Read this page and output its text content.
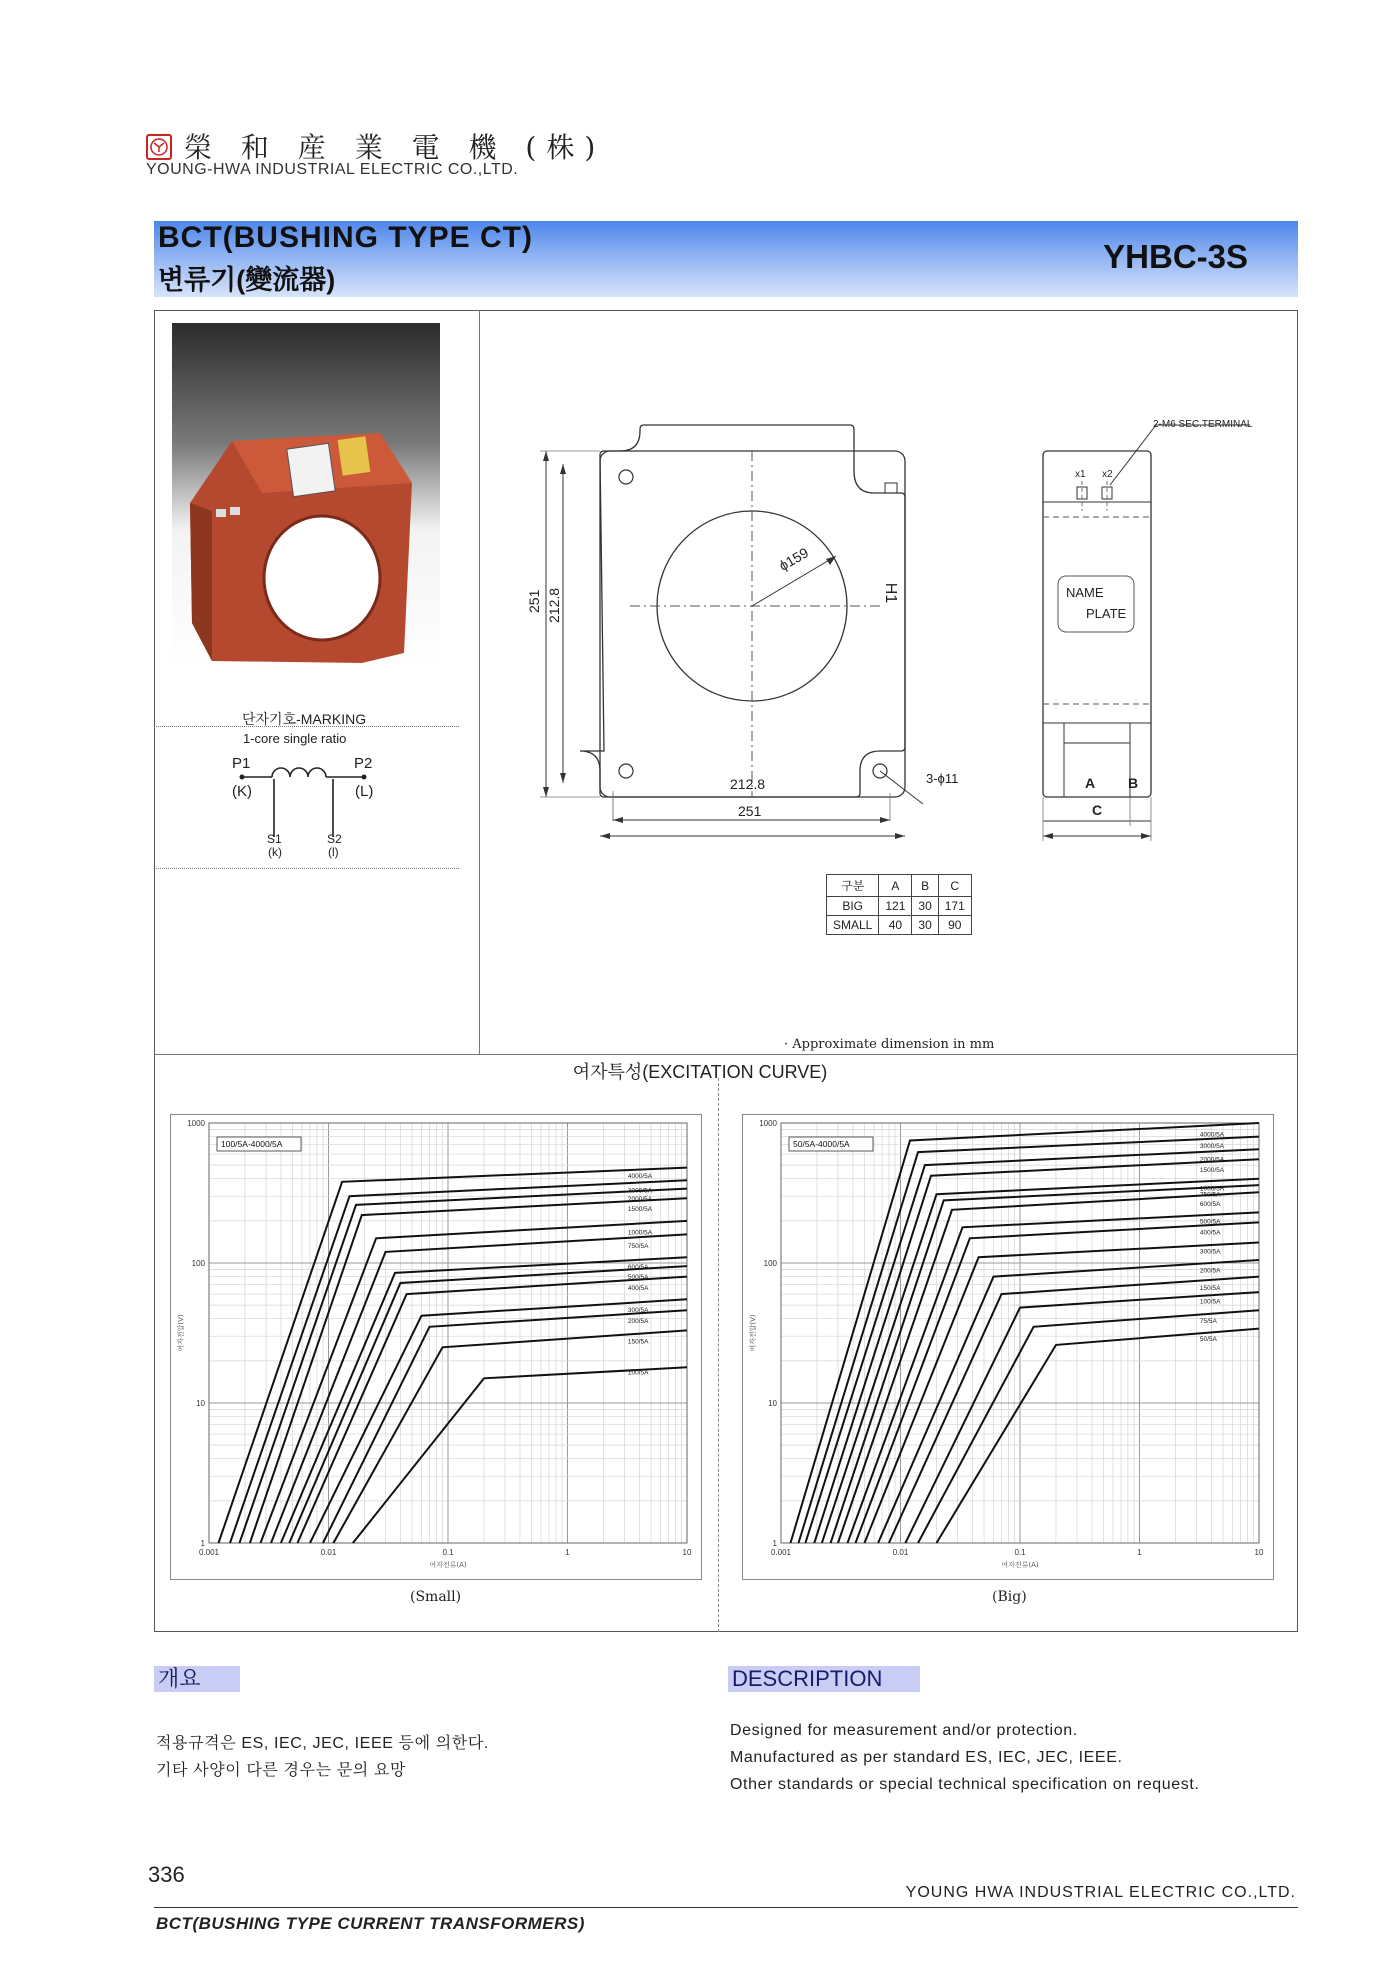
榮 和 産 業 電 機 (株)
YOUNG-HWA INDUSTRIAL ELECTRIC CO.,LTD.
BCT(BUSHING TYPE CT)
변류기(變流器)
YHBC-3S
단자기호-MARKING
1-core single ratio
P1	P2
(K)	(L)
S1	S2
(k)	(l)
251 212.8
ϕ159
H1
212.8
251
3-ϕ11
2-M6 SEC.TERMINAL
x1 x2
NAME
PLATE
A B
C
구분	A	B	C
BIG	121	30	171
SMALL	40	30	90
· Approximate dimension in mm
여자특성(EXCITATION CURVE)
0.001	0.01	0.1	1	10
1
10
100
1000
여자전류(A)
여자전압(V)
100/5A-4000/5A
4000/5A
3000/5A
2000/5A
1500/5A
1000/5A
750/5A
600/5A
500/5A
400/5A
300/5A
200/5A
150/5A
100/5A
0.001	0.01	0.1	1	10
1
10
100
1000
여자전류(A)
여자전압(V)
50/5A-4000/5A
4000/5A
3000/5A
2000/5A
1500/5A
1000/5A
750/5A
600/5A
500/5A
400/5A
300/5A
200/5A
150/5A
100/5A
75/5A
50/5A
(Small)	(Big)
개요
적용규격은 ES, IEC, JEC, IEEE 등에 의한다.
기타 사양이 다른 경우는 문의 요망
DESCRIPTION
Designed for measurement and/or protection.
Manufactured as per standard ES, IEC, JEC, IEEE.
Other standards or special technical specification on request.
336
YOUNG HWA INDUSTRIAL ELECTRIC CO.,LTD.
BCT(BUSHING TYPE CURRENT TRANSFORMERS)
